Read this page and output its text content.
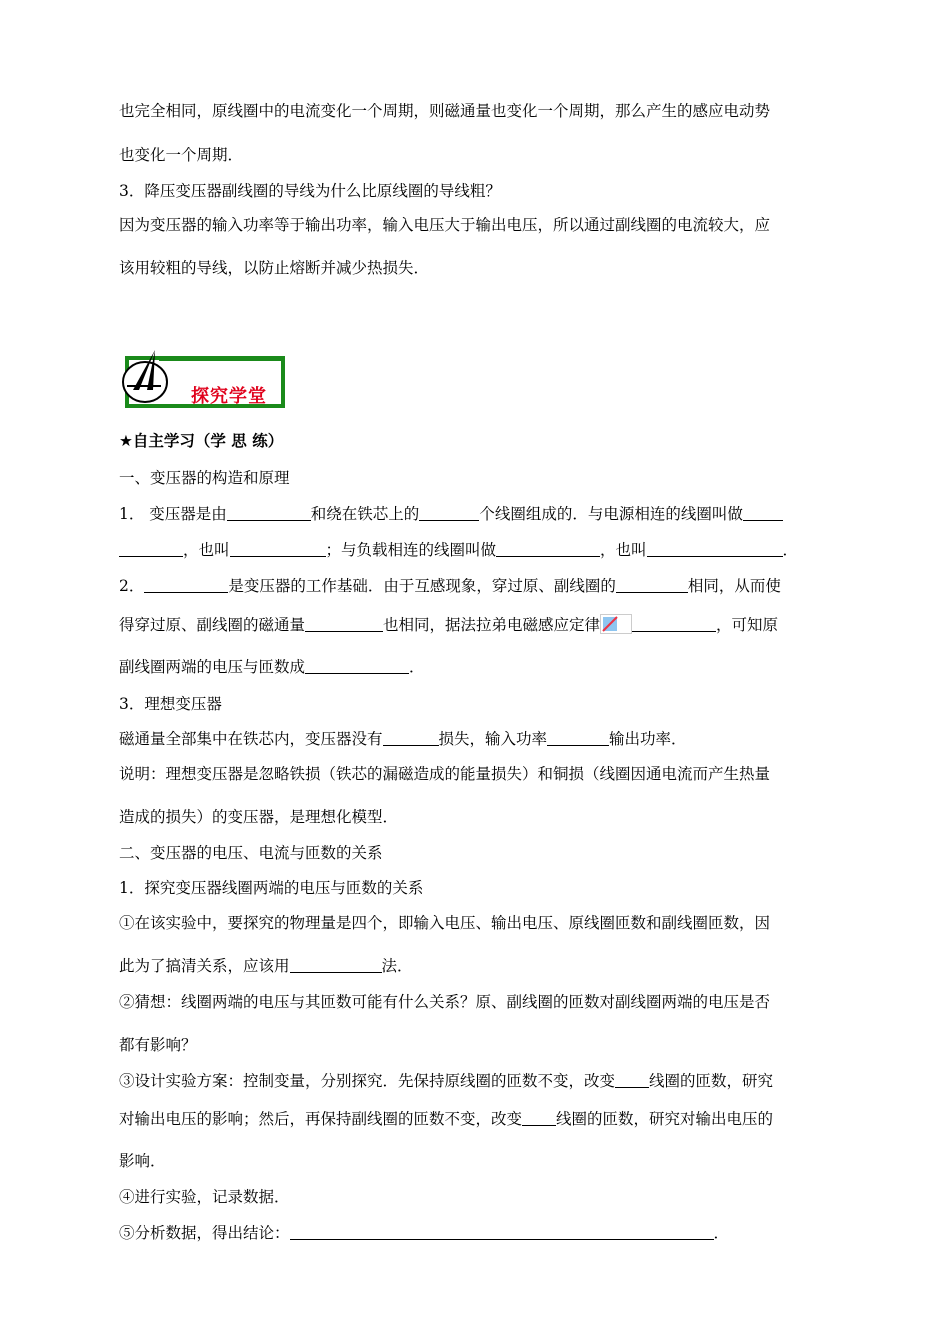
也完全相同，原线圈中的电流变化一个周期，则磁通量也变化一个周期，那么产生的感应电动势
也变化一个周期．
3．降压变压器副线圈的导线为什么比原线圈的导线粗？
因为变压器的输入功率等于输出功率，输入电压大于输出电压，所以通过副线圈的电流较大，应
该用较粗的导线，以防止熔断并减少热损失．
探究学堂
★自主学习（学 思 练）
一、变压器的构造和原理
1． 变压器是由	和绕在铁芯上的	个线圈组成的．与电源相连的线圈叫做
，也叫	；与负载相连的线圈叫做	，也叫	．
2．	是变压器的工作基础．由于互感现象，穿过原、副线圈的	相同，从而使
得穿过原、副线圈的磁通量	也相同，据法拉弟电磁感应定律	，可知原
副线圈两端的电压与匝数成	．
3．理想变压器
磁通量全部集中在铁芯内，变压器没有	损失，输入功率	输出功率．
说明：理想变压器是忽略铁损（铁芯的漏磁造成的能量损失）和铜损（线圈因通电流而产生热量
造成的损失）的变压器，是理想化模型．
二、变压器的电压、电流与匝数的关系
1．探究变压器线圈两端的电压与匝数的关系
①在该实验中，要探究的物理量是四个，即输入电压、输出电压、原线圈匝数和副线圈匝数，因
此为了搞清关系，应该用	法．
②猜想：线圈两端的电压与其匝数可能有什么关系？原、副线圈的匝数对副线圈两端的电压是否
都有影响？
③设计实验方案：控制变量，分别探究．先保持原线圈的匝数不变，改变 线圈的匝数，研究
对输出电压的影响；然后，再保持副线圈的匝数不变，改变 线圈的匝数，研究对输出电压的
影响．
④进行实验，记录数据．
⑤分析数据，得出结论：	．
